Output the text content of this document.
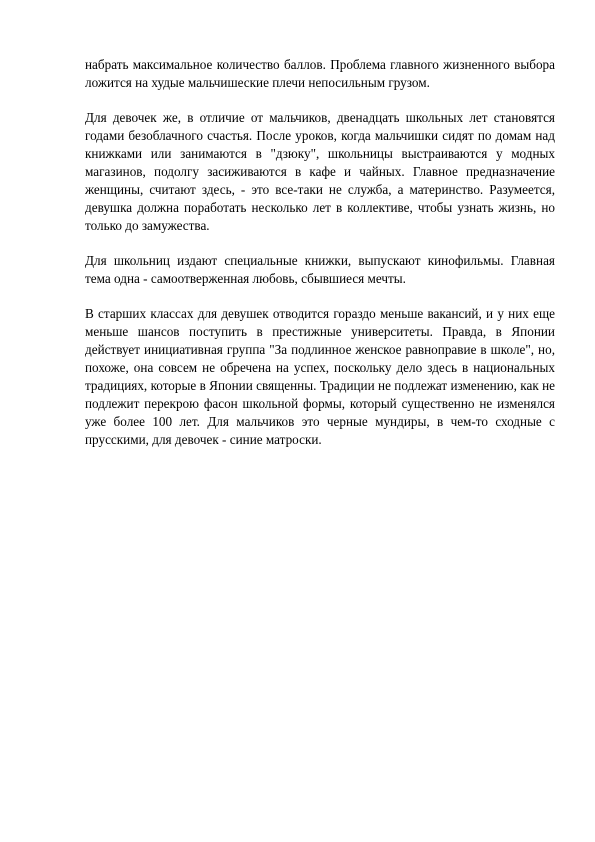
набрать максимальное количество баллов. Проблема главного жизненного выбора ложится на худые мальчишеские плечи непосильным грузом.

Для девочек же, в отличие от мальчиков, двенадцать школьных лет становятся годами безоблачного счастья. После уроков, когда мальчишки сидят по домам над книжками или занимаются в "дзюку", школьницы выстраиваются у модных магазинов, подолгу засиживаются в кафе и чайных. Главное предназначение женщины, считают здесь, - это все-таки не служба, а материнство. Разумеется, девушка должна поработать несколько лет в коллективе, чтобы узнать жизнь, но только до замужества.

Для школьниц издают специальные книжки, выпускают кинофильмы. Главная тема одна - самоотверженная любовь, сбывшиеся мечты.

В старших классах для девушек отводится гораздо меньше вакансий, и у них еще меньше шансов поступить в престижные университеты. Правда, в Японии действует инициативная группа "За подлинное женское равноправие в школе", но, похоже, она совсем не обречена на успех, поскольку дело здесь в национальных традициях, которые в Японии священны. Традиции не подлежат изменению, как не подлежит перекрою фасон школьной формы, который существенно не изменялся уже более 100 лет. Для мальчиков это черные мундиры, в чем-то сходные с прусскими, для девочек - синие матроски.
